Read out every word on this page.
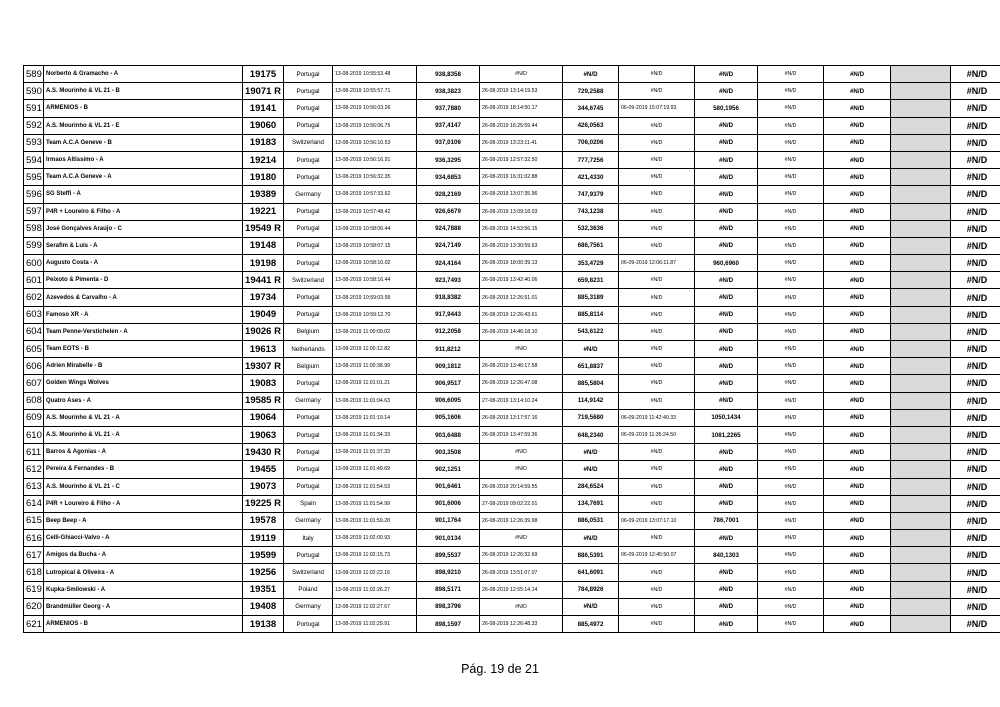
589	Norberto & Gramacho - A	19175	Portugal	13-08-2019 10:55:53.48	938,8358	#N/D	#N/D	#N/D	#N/D	#N/D	#N/D		#N/D
590	A.S. Mourinho & VL 21 - B	19071 R	Portugal	13-08-2019 10:55:57.71	938,3823	26-08-2019 13:14:19.53	729,2588	#N/D	#N/D	#N/D	#N/D		#N/D
591	ARMENIOS - B	19141	Portugal	13-08-2019 10:56:03.26	937,7880	26-08-2019 18:14:50.17	344,6745	06-09-2019 15:07:19.93	580,1956	#N/D	#N/D		#N/D
592	A.S. Mourinho & VL 21 - E	19060	Portugal	13-08-2019 10:56:06.75	937,4147	26-08-2019 16:25:59.44	426,0563	#N/D	#N/D	#N/D	#N/D		#N/D
593	Team A.C.A Geneve - B	19183	Switzerland	13-08-2019 10:56:10.53	937,0106	26-08-2019 13:23:11.41	706,0206	#N/D	#N/D	#N/D	#N/D		#N/D
594	Irmaos Altissimo - A	19214	Portugal	13-08-2019 10:56:16.91	936,3295	26-08-2019 12:57:32.50	777,7256	#N/D	#N/D	#N/D	#N/D		#N/D
595	Team A.C.A Geneve - A	19180	Portugal	13-08-2019 10:56:32.35	934,6853	26-08-2019 16:31:02.88	421,4330	#N/D	#N/D	#N/D	#N/D		#N/D
596	SG Steffi - A	19389	Germany	13-08-2019 10:57:33.62	928,2169	26-08-2019 13:07:35.96	747,9379	#N/D	#N/D	#N/D	#N/D		#N/D
597	P4R + Loureiro & Filho - A	19221	Portugal	13-08-2019 10:57:48.42	926,6679	26-08-2019 13:09:18.03	743,1238	#N/D	#N/D	#N/D	#N/D		#N/D
598	José Gonçalves Araújo - C	19549 R	Portugal	13-08-2019 10:58:06.44	924,7888	26-08-2019 14:53:56.15	532,3636	#N/D	#N/D	#N/D	#N/D		#N/D
599	Serafim & Luís - A	19148	Portugal	13-08-2019 10:58:07.15	924,7149	26-08-2019 13:30:59.63	686,7561	#N/D	#N/D	#N/D	#N/D		#N/D
600	Augusto Costa - A	19198	Portugal	13-08-2019 10:58:10.02	924,4164	26-08-2019 18:00:39.13	353,4729	06-09-2019 12:06:11.87	960,6960	#N/D	#N/D		#N/D
601	Peixoto & Pimenta - D	19441 R	Switzerland	13-08-2019 10:58:16.44	923,7493	26-08-2019 13:42:40.06	659,8231	#N/D	#N/D	#N/D	#N/D		#N/D
602	Azevedos & Carvalho - A	19734	Portugal	13-08-2019 10:59:03.99	918,8382	26-08-2019 12:26:51.01	885,3189	#N/D	#N/D	#N/D	#N/D		#N/D
603	Famoso XR - A	19049	Portugal	13-08-2019 10:59:12.70	917,9443	26-08-2019 12:26:43.61	885,8114	#N/D	#N/D	#N/D	#N/D		#N/D
604	Team Penne-Verstichelen - A	19026 R	Belgium	13-08-2019 11:00:09.02	912,2058	26-08-2019 14:46:18.10	543,6122	#N/D	#N/D	#N/D	#N/D		#N/D
605	Team EOTS - B	19613	Netherlands	13-08-2019 11:00:12.82	911,8212	#N/D	#N/D	#N/D	#N/D	#N/D	#N/D		#N/D
606	Adrien Mirabelle - B	19307 R	Belgium	13-08-2019 11:00:38.99	909,1812	26-08-2019 13:46:17.58	651,8837	#N/D	#N/D	#N/D	#N/D		#N/D
607	Golden Wings Wolves	19083	Portugal	13-08-2019 11:01:01.21	906,9517	26-08-2019 12:26:47.08	885,5804	#N/D	#N/D	#N/D	#N/D		#N/D
608	Quatro Ases - A	19585 R	Germany	13-08-2019 11:01:04.63	906,6095	27-08-2019 13:14:10.24	114,9142	#N/D	#N/D	#N/D	#N/D		#N/D
609	A.S. Mourinho & VL 21 - A	19064	Portugal	13-08-2019 11:01:19.14	905,1606	26-08-2019 13:17:57.16	719,5680	06-09-2019 11:42:40.33	1050,1434	#N/D	#N/D		#N/D
610	A.S. Mourinho & VL 21 - A	19063	Portugal	13-08-2019 11:01:34.33	903,6488	26-08-2019 13:47:59.36	648,2340	06-09-2019 11:35:24.50	1081,2265	#N/D	#N/D		#N/D
611	Barros & Agonias - A	19430 R	Portugal	13-08-2019 11:01:37.33	903,3508	#N/D	#N/D	#N/D	#N/D	#N/D	#N/D		#N/D
612	Pereira & Fernandes - B	19455	Portugal	13-08-2019 11:01:49.69	902,1251	#N/D	#N/D	#N/D	#N/D	#N/D	#N/D		#N/D
613	A.S. Mourinho & VL 21 - C	19073	Portugal	13-08-2019 11:01:54.53	901,6461	26-08-2019 20:14:59.55	284,6524	#N/D	#N/D	#N/D	#N/D		#N/D
614	P4R + Loureiro & Filho - A	19225 R	Spain	13-08-2019 11:01:54.99	901,6006	27-08-2019 09:02:22.01	134,7691	#N/D	#N/D	#N/D	#N/D		#N/D
615	Beep Beep - A	19578	Germany	13-08-2019 11:01:59.28	901,1764	26-08-2019 12:26:39.98	886,0531	06-09-2019 13:07:17.10	786,7001	#N/D	#N/D		#N/D
616	Celli-Ghiacci-Valvo - A	19119	Italy	13-08-2019 11:02:00.93	901,0134	#N/D	#N/D	#N/D	#N/D	#N/D	#N/D		#N/D
617	Amigos da Bucha - A	19599	Portugal	13-08-2019 11:02:15.73	899,5537	26-08-2019 12:26:32.69	886,5391	06-09-2019 12:45:50.07	840,1303	#N/D	#N/D		#N/D
618	Lutropical & Oliveira - A	19256	Switzerland	13-08-2019 11:02:22.16	898,9210	26-08-2019 13:51:07.07	641,6091	#N/D	#N/D	#N/D	#N/D		#N/D
619	Kupka-Smilowski - A	19351	Poland	13-08-2019 11:02:26.27	898,5171	26-08-2019 12:55:14.14	784,8926	#N/D	#N/D	#N/D	#N/D		#N/D
620	Brandmüller Georg - A	19408	Germany	13-08-2019 11:02:27.67	898,3796	#N/D	#N/D	#N/D	#N/D	#N/D	#N/D		#N/D
621	ARMENIOS - B	19138	Portugal	13-08-2019 11:02:29.91	898,1597	26-08-2019 12:26:48.33	885,4972	#N/D	#N/D	#N/D	#N/D		#N/D
Pág. 19 de 21
